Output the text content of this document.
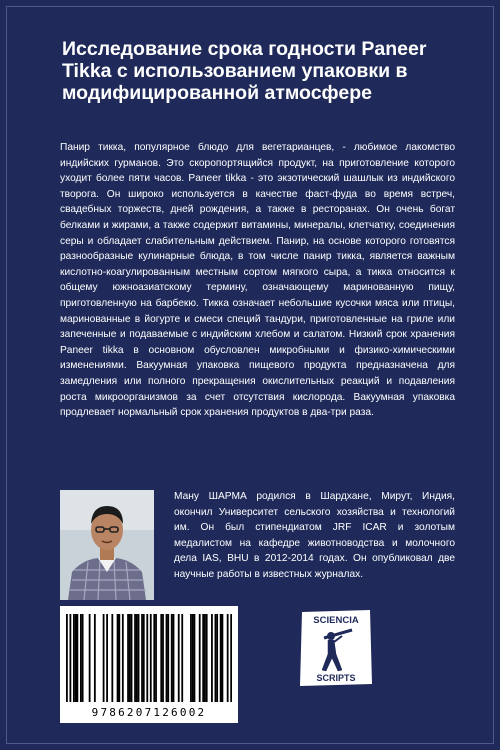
Исследование срока годности Paneer Tikka с использованием упаковки в модифицированной атмосфере

Панир тикка, популярное блюдо для вегетарианцев, - любимое лакомство индийских гурманов. Это скоропортящийся продукт, на приготовление которого уходит более пяти часов. Paneer tikka - это экзотический шашлык из индийского творога. Он широко используется в качестве фаст-фуда во время встреч, свадебных торжеств, дней рождения, а также в ресторанах. Он очень богат белками и жирами, а также содержит витамины, минералы, клетчатку, соединения серы и обладает слабительным действием. Панир, на основе которого готовятся разнообразные кулинарные блюда, в том числе панир тикка, является важным кислотно-коагулированным местным сортом мягкого сыра, а тикка относится к общему южноазиатскому термину, означающему маринованную пищу, приготовленную на барбекю. Тикка означает небольшие кусочки мяса или птицы, маринованные в йогурте и смеси специй тандури, приготовленные на гриле или запеченные и подаваемые с индийским хлебом и салатом. Низкий срок хранения Paneer tikka в основном обусловлен микробными и физико-химическими изменениями. Вакуумная упаковка пищевого продукта предназначена для замедления или полного прекращения окислительных реакций и подавления роста микроорганизмов за счет отсутствия кислорода. Вакуумная упаковка продлевает нормальный срок хранения продуктов в два-три раза.

Ману ШАРМА родился в Шардхане, Мирут, Индия, окончил Университет сельского хозяйства и технологий им. Он был стипендиатом JRF ICAR и золотым медалистом на кафедре животноводства и молочного дела IAS, BHU в 2012-2014 годах. Он опубликовал две научные работы в известных журналах.

9786207126002
SCIENCIA
SCRIPTS
